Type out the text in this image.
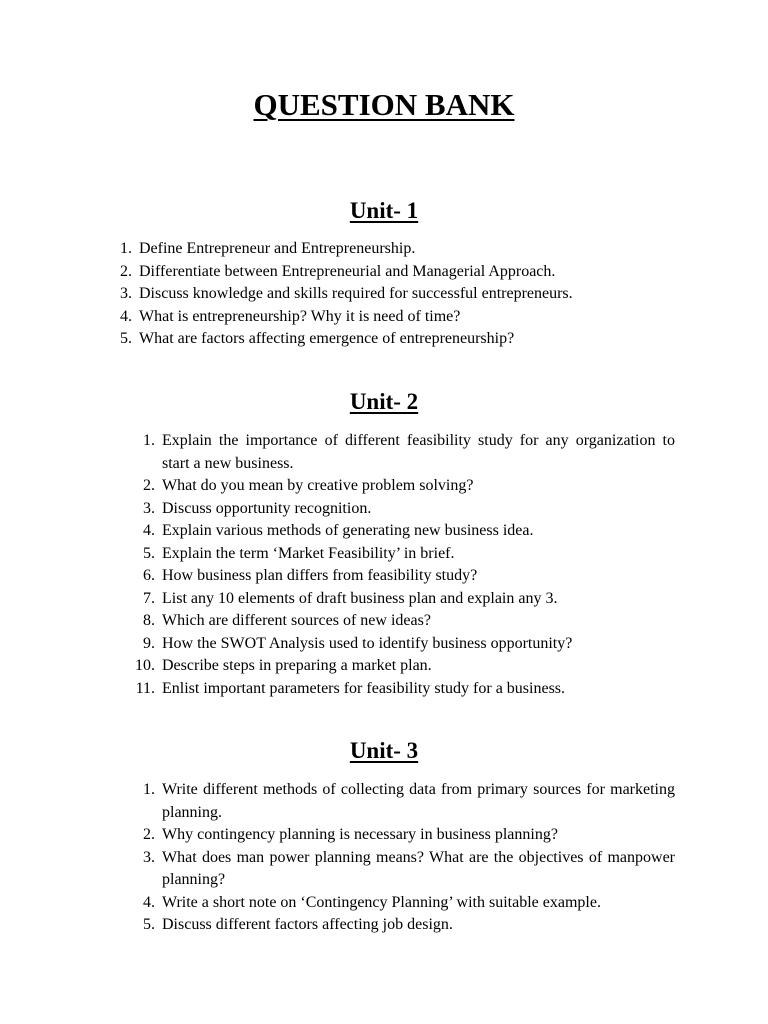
QUESTION BANK
Unit- 1
1. Define Entrepreneur and Entrepreneurship.
2. Differentiate between Entrepreneurial and Managerial Approach.
3. Discuss knowledge and skills required for successful entrepreneurs.
4. What is entrepreneurship? Why it is need of time?
5. What are factors affecting emergence of entrepreneurship?
Unit- 2
1. Explain the importance of different feasibility study for any organization to start a new business.
2. What do you mean by creative problem solving?
3. Discuss opportunity recognition.
4. Explain various methods of generating new business idea.
5. Explain the term ‘Market Feasibility’ in brief.
6. How business plan differs from feasibility study?
7. List any 10 elements of draft business plan and explain any 3.
8. Which are different sources of new ideas?
9. How the SWOT Analysis used to identify business opportunity?
10. Describe steps in preparing a market plan.
11. Enlist important parameters for feasibility study for a business.
Unit- 3
1. Write different methods of collecting data from primary sources for marketing planning.
2. Why contingency planning is necessary in business planning?
3. What does man power planning means? What are the objectives of manpower planning?
4. Write a short note on ‘Contingency Planning’ with suitable example.
5. Discuss different factors affecting job design.
